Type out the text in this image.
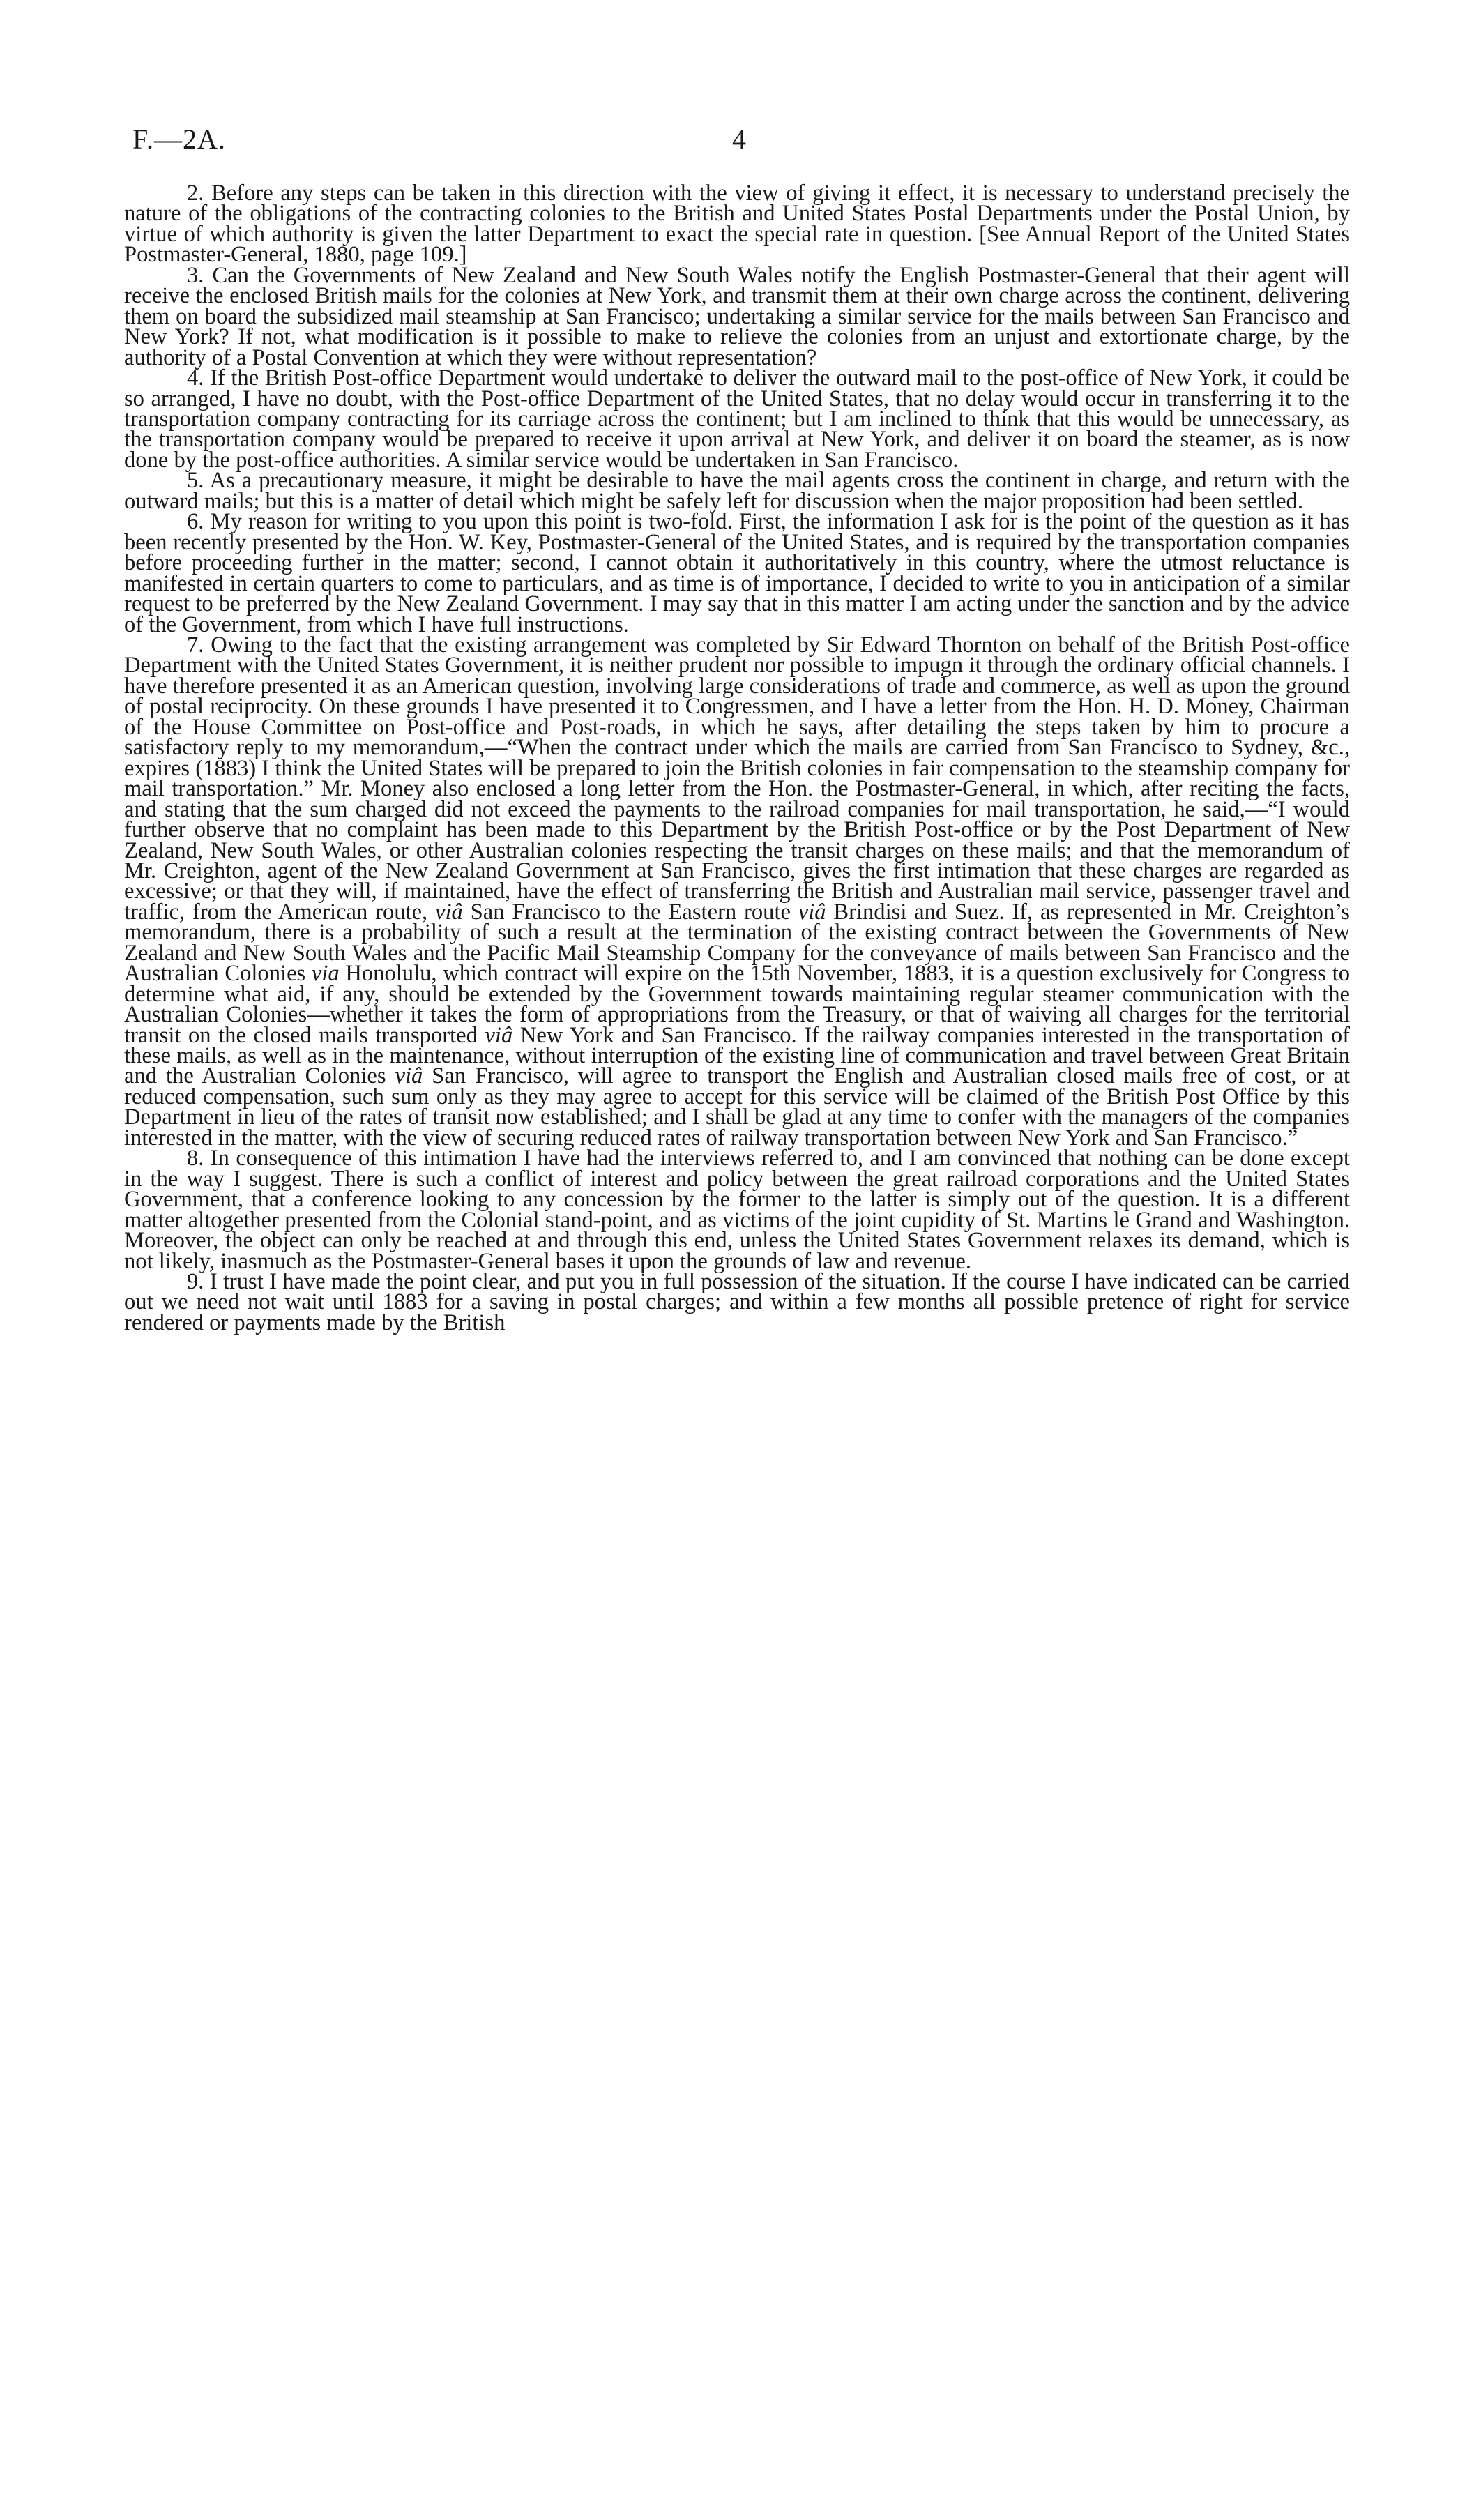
F.—2A.	4

2. Before any steps can be taken in this direction with the view of giving it effect, it is necessary to understand precisely the nature of the obligations of the contracting colonies to the British and United States Postal Departments under the Postal Union, by virtue of which authority is given the latter Department to exact the special rate in question. [See Annual Report of the United States Postmaster-General, 1880, page 109.]

3. Can the Governments of New Zealand and New South Wales notify the English Postmaster-General that their agent will receive the enclosed British mails for the colonies at New York, and transmit them at their own charge across the continent, delivering them on board the subsidized mail steamship at San Francisco; undertaking a similar service for the mails between San Francisco and New York? If not, what modification is it possible to make to relieve the colonies from an unjust and extortionate charge, by the authority of a Postal Convention at which they were without representation?

4. If the British Post-office Department would undertake to deliver the outward mail to the post-office of New York, it could be so arranged, I have no doubt, with the Post-office Department of the United States, that no delay would occur in transferring it to the transportation company contracting for its carriage across the continent; but I am inclined to think that this would be unnecessary, as the transportation company would be prepared to receive it upon arrival at New York, and deliver it on board the steamer, as is now done by the post-office authorities. A similar service would be undertaken in San Francisco.

5. As a precautionary measure, it might be desirable to have the mail agents cross the continent in charge, and return with the outward mails; but this is a matter of detail which might be safely left for discussion when the major proposition had been settled.

6. My reason for writing to you upon this point is two-fold. First, the information I ask for is the point of the question as it has been recently presented by the Hon. W. Key, Postmaster-General of the United States, and is required by the transportation companies before proceeding further in the matter; second, I cannot obtain it authoritatively in this country, where the utmost reluctance is manifested in certain quarters to come to particulars, and as time is of importance, I decided to write to you in anticipation of a similar request to be preferred by the New Zealand Government. I may say that in this matter I am acting under the sanction and by the advice of the Government, from which I have full instructions.

7. Owing to the fact that the existing arrangement was completed by Sir Edward Thornton on behalf of the British Post-office Department with the United States Government, it is neither prudent nor possible to impugn it through the ordinary official channels. I have therefore presented it as an American question, involving large considerations of trade and commerce, as well as upon the ground of postal reciprocity. On these grounds I have presented it to Congressmen, and I have a letter from the Hon. H. D. Money, Chairman of the House Committee on Post-office and Post-roads, in which he says, after detailing the steps taken by him to procure a satisfactory reply to my memorandum,—“When the contract under which the mails are carried from San Francisco to Sydney, &c., expires (1883) I think the United States will be prepared to join the British colonies in fair compensation to the steamship company for mail transportation.” Mr. Money also enclosed a long letter from the Hon. the Postmaster-General, in which, after reciting the facts, and stating that the sum charged did not exceed the payments to the railroad companies for mail transportation, he said,—“I would further observe that no complaint has been made to this Department by the British Post-office or by the Post Department of New Zealand, New South Wales, or other Australian colonies respecting the transit charges on these mails; and that the memorandum of Mr. Creighton, agent of the New Zealand Government at San Francisco, gives the first intimation that these charges are regarded as excessive; or that they will, if maintained, have the effect of transferring the British and Australian mail service, passenger travel and traffic, from the American route, viâ San Francisco to the Eastern route viâ Brindisi and Suez. If, as represented in Mr. Creighton’s memorandum, there is a probability of such a result at the termination of the existing contract between the Governments of New Zealand and New South Wales and the Pacific Mail Steamship Company for the conveyance of mails between San Francisco and the Australian Colonies via Honolulu, which contract will expire on the 15th November, 1883, it is a question exclusively for Congress to determine what aid, if any, should be extended by the Government towards maintaining regular steamer communication with the Australian Colonies—whether it takes the form of appropriations from the Treasury, or that of waiving all charges for the territorial transit on the closed mails transported viâ New York and San Francisco. If the railway companies interested in the transportation of these mails, as well as in the maintenance, without interruption of the existing line of communication and travel between Great Britain and the Australian Colonies viâ San Francisco, will agree to transport the English and Australian closed mails free of cost, or at reduced compensation, such sum only as they may agree to accept for this service will be claimed of the British Post Office by this Department in lieu of the rates of transit now established; and I shall be glad at any time to confer with the managers of the companies interested in the matter, with the view of securing reduced rates of railway transportation between New York and San Francisco.”

8. In consequence of this intimation I have had the interviews referred to, and I am convinced that nothing can be done except in the way I suggest. There is such a conflict of interest and policy between the great railroad corporations and the United States Government, that a conference looking to any concession by the former to the latter is simply out of the question. It is a different matter altogether presented from the Colonial stand-point, and as victims of the joint cupidity of St. Martins le Grand and Washington. Moreover, the object can only be reached at and through this end, unless the United States Government relaxes its demand, which is not likely, inasmuch as the Postmaster-General bases it upon the grounds of law and revenue.

9. I trust I have made the point clear, and put you in full possession of the situation. If the course I have indicated can be carried out we need not wait until 1883 for a saving in postal charges; and within a few months all possible pretence of right for service rendered or payments made by the British
